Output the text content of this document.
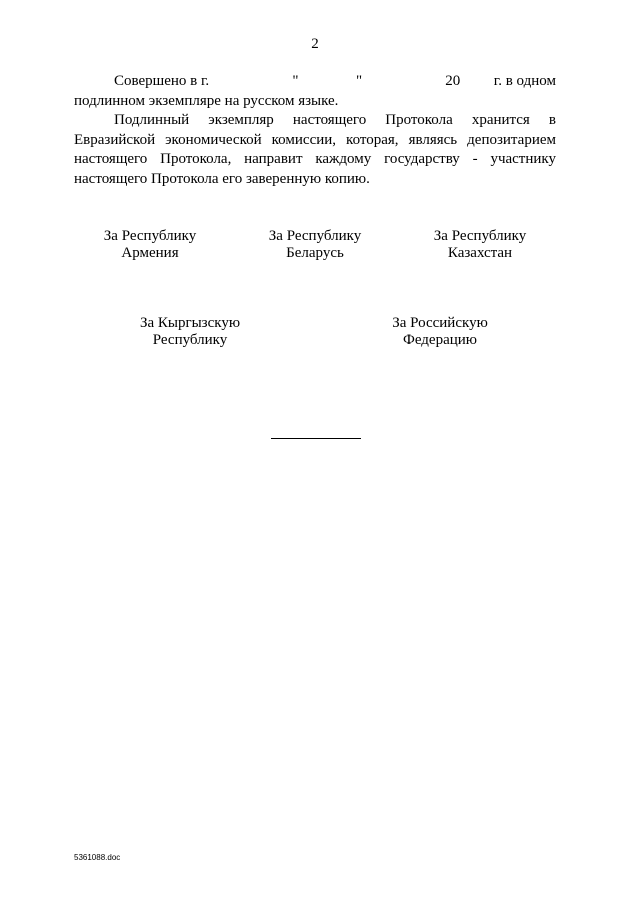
2
Совершено в г.	"	"	20 г. в одном
подлинном экземпляре на русском языке.
Подлинный экземпляр настоящего Протокола хранится в
Евразийской экономической комиссии, которая, являясь депозитарием
настоящего Протокола, направит каждому государству - участнику
настоящего Протокола его заверенную копию.
За Республику
Армения
За Республику
Беларусь
За Республику
Казахстан
За Кыргызскую
Республику
За Российскую
Федерацию
5361088.doc
